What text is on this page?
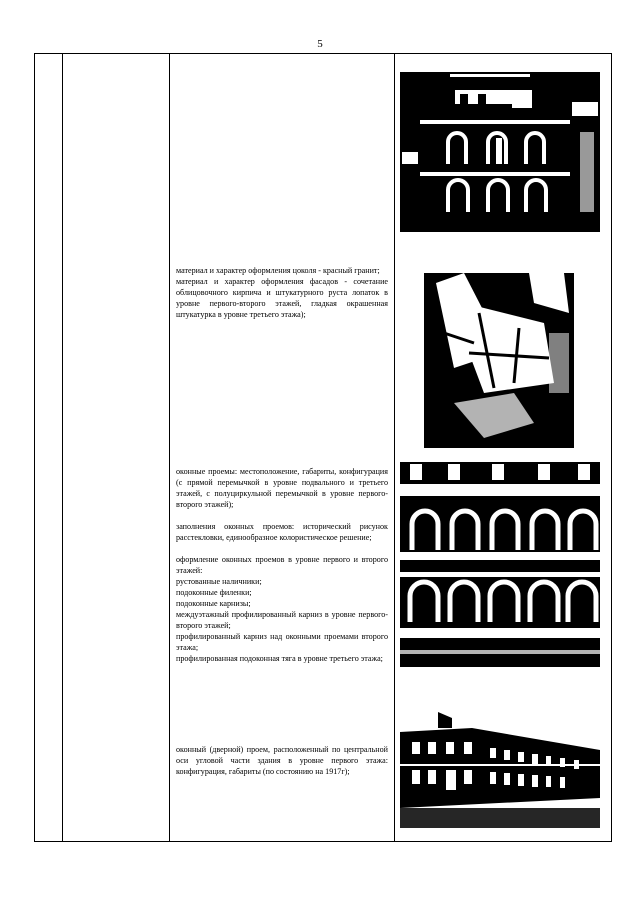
5

материал и характер оформления цоколя - красный гранит;

материал и характер оформления фасадов - сочетание облицовочного кирпича и штукатурного руста лопаток в уровне первого-второго этажей, гладкая окрашенная штукатурка в уровне третьего этажа);

оконные проемы: местоположение, габариты, конфигурация (с прямой перемычкой в уровне подвального и третьего этажей, с полуциркульной перемычкой в уровне первого-второго этажей);

заполнения оконных проемов: исторический рисунок расстекловки, единообразное колористическое решение;

оформление оконных проемов в уровне первого и второго этажей:

рустованные наличники;

подоконные филенки;

подоконные карнизы;

междуэтажный профилированный карниз в уровне первого-второго этажей;

профилированный карниз над оконными проемами второго этажа;

профилированная подоконная тяга в уровне третьего этажа;

оконный (дверной) проем, расположенный по центральной оси угловой части здания в уровне первого этажа: конфигурация, габариты (по состоянию на 1917г);
